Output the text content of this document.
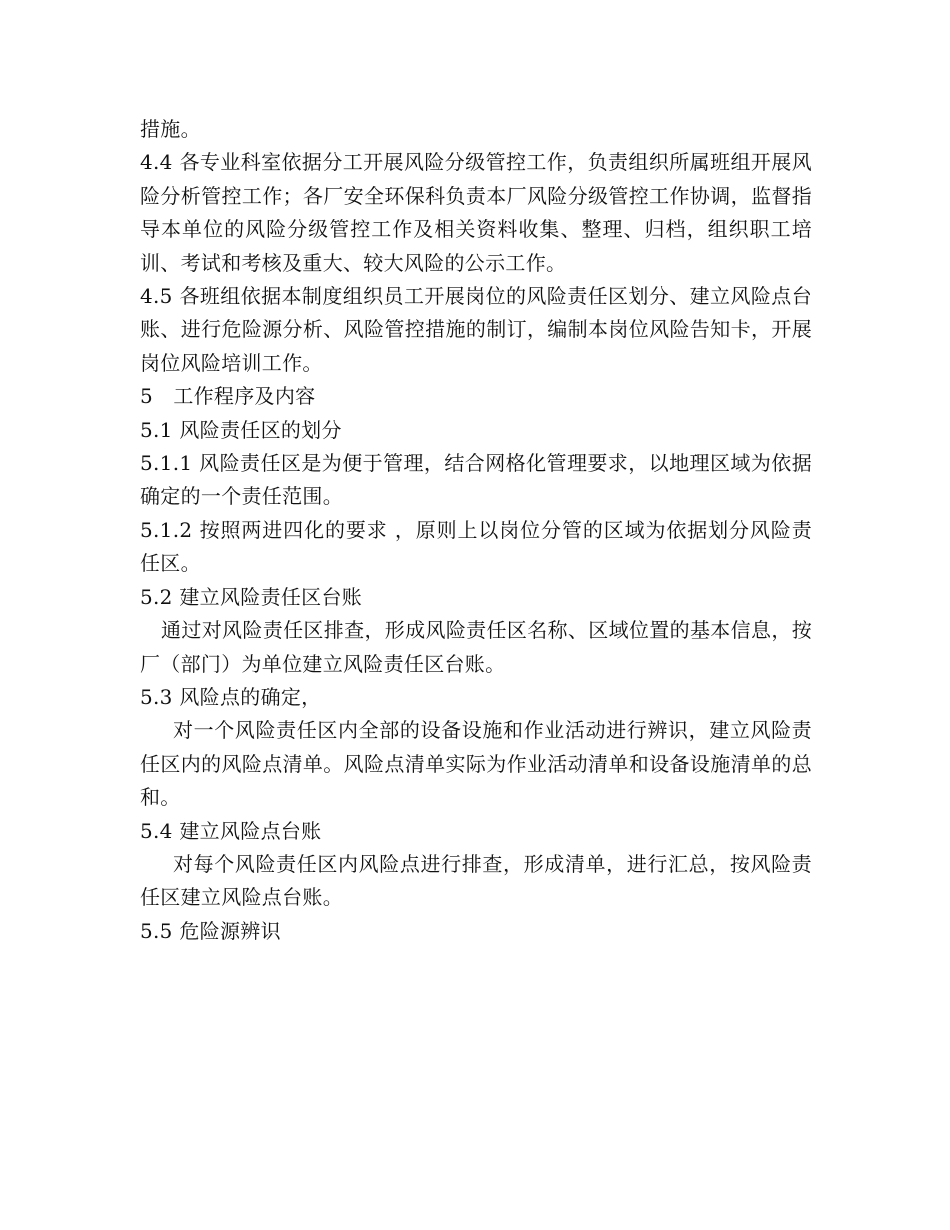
措施。

4.4 各专业科室依据分工开展风险分级管控工作，负责组织所属班组开展风险分析管控工作；各厂安全环保科负责本厂风险分级管控工作协调，监督指导本单位的风险分级管控工作及相关资料收集、整理、归档，组织职工培训、考试和考核及重大、较大风险的公示工作。

4.5 各班组依据本制度组织员工开展岗位的风险责任区划分、建立风险点台账、进行危险源分析、风险管控措施的制订，编制本岗位风险告知卡，开展岗位风险培训工作。

5　工作程序及内容

5.1 风险责任区的划分

5.1.1 风险责任区是为便于管理，结合网格化管理要求，以地理区域为依据确定的一个责任范围。

5.1.2 按照两进四化的要求 ，原则上以岗位分管的区域为依据划分风险责任区。

5.2 建立风险责任区台账

通过对风险责任区排查，形成风险责任区名称、区域位置的基本信息，按厂（部门）为单位建立风险责任区台账。

5.3 风险点的确定，

对一个风险责任区内全部的设备设施和作业活动进行辨识，建立风险责任区内的风险点清单。风险点清单实际为作业活动清单和设备设施清单的总和。

5.4 建立风险点台账

对每个风险责任区内风险点进行排查，形成清单，进行汇总，按风险责任区建立风险点台账。

5.5 危险源辨识
